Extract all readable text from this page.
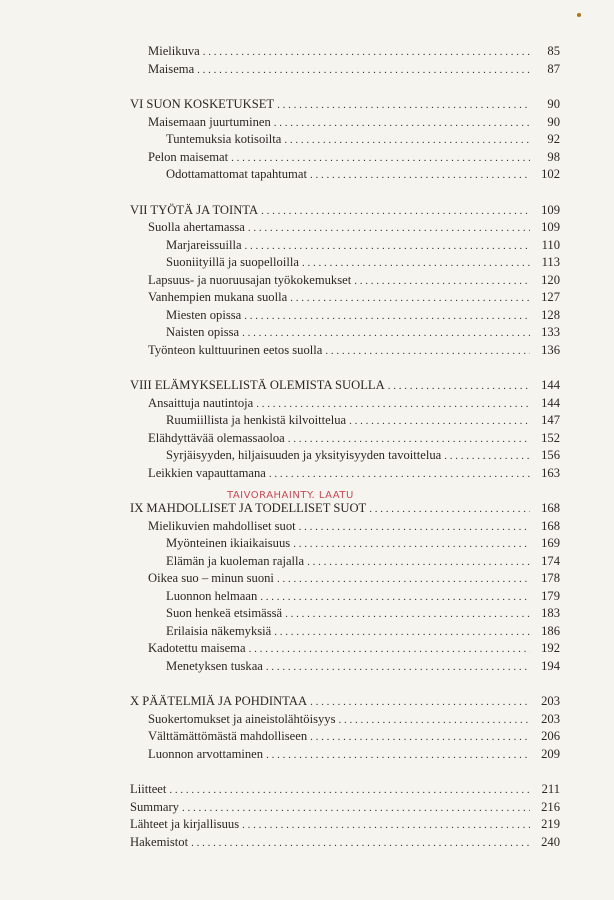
Mielikuva . . .	85
Maisema . . .	87
VI SUON KOSKETUKSET . . .	90
Maisemaan juurtuminen . . .	90
Tuntemuksia kotisoilta . . .	92
Pelon maisemat . . .	98
Odottamattomat tapahtumat . . .	102
VII TYÖTÄ JA TOINTA . . .	109
Suolla ahertamassa . . .	109
Marjareissuilla . . .	110
Suoniityillä ja suopelloilla . . .	113
Lapsuus- ja nuoruusajan työkokemukset . . .	120
Vanhempien mukana suolla . . .	127
Miesten opissa . . .	128
Naisten opissa . . .	133
Työnteon kulttuurinen eetos suolla . . .	136
VIII ELÄMYKSELLISTÄ OLEMISTA SUOLLA . . .	144
Ansaittuja nautintoja . . .	144
Ruumiillista ja henkistä kilvoittelua . . .	147
Elähdyttävää olemassaoloa . . .	152
Syrjäisyyden, hiljaisuuden ja yksityisyyden tavoittelua . . .	156
Leikkien vapauttamana . . .	163
IX MAHDOLLISET JA TODELLISET SUOT . . .	168
Mielikuvien mahdolliset suot . . .	168
Myönteinen ikiaikaisuus . . .	169
Elämän ja kuoleman rajalla . . .	174
Oikea suo – minun suoni . . .	178
Luonnon helmaan . . .	179
Suon henkeä etsimässä . . .	183
Erilaisia näkemyksiä . . .	186
Kadotettu maisema . . .	192
Menetyksen tuskaa . . .	194
X PÄÄTELMIÄ JA POHDINTAA . . .	203
Suokertomukset ja aineistolähtöisyys . . .	203
Välttämättömästä mahdolliseen . . .	206
Luonnon arvottaminen . . .	209
Liitteet . . .	211
Summary . . .	216
Lähteet ja kirjallisuus . . .	219
Hakemistot . . .	240
TAIVORAHAINTY. LAATU
